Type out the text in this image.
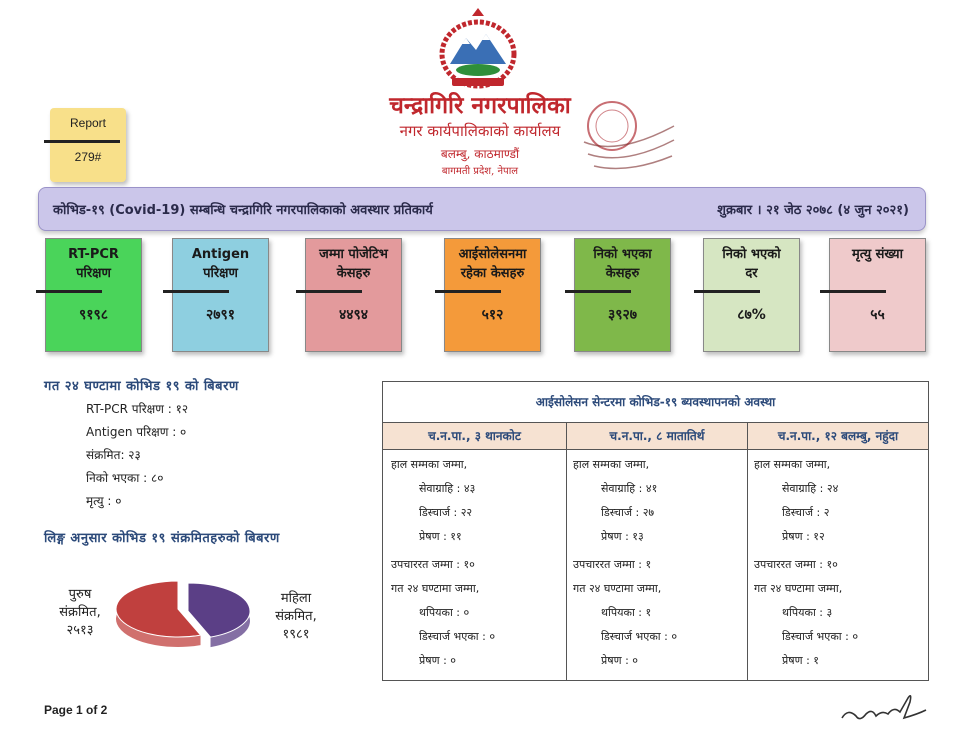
चन्द्रागिरि नगरपालिका
नगर कार्यपालिकाको कार्यालय
बलम्बु, काठमाण्डौं
बागमती प्रदेश, नेपाल
Report
279#
कोभिड-१९ (Covid-19) सम्बन्धि चन्द्रागिरि नगरपालिकाको अवस्थार प्रतिकार्य	शुक्रबार । २१ जेठ २०७८ (४ जुन २०२१)
RT-PCR
परिक्षण
९१९८
Antigen
परिक्षण
२७९१
जम्मा पोजेटिभ
केसहरु
४४९४
आईसोलेसनमा
रहेका केसहरु
५१२
निको भएका
केसहरु
३९२७
निको भएको
दर
८७%
मृत्यु संख्या
५५
गत २४ घण्टामा कोभिड १९ को बिबरण
RT-PCR परिक्षण : १२
Antigen परिक्षण : ०
संक्रमित: २३
निको भएका : ८०
मृत्यु : ०
लिङ्ग अनुसार कोभिड १९ संक्रमितहरुको बिबरण
पुरुष
संक्रमित,
२५१३
महिला
संक्रमित,
१९८१
आईसोलेसन सेन्टरमा कोभिड-१९ ब्यवस्थापनको अवस्था
च.न.पा., ३ थानकोट
हाल सम्मका जम्मा,
सेवाग्राहि : ४३
डिस्चार्ज : २२
प्रेषण : ११
उपचाररत जम्मा : १०
गत २४ घण्टामा जम्मा,
थपियका : ०
डिस्चार्ज भएका : ०
प्रेषण : ०
च.न.पा., ८ मातातिर्थ
हाल सम्मका जम्मा,
सेवाग्राहि : ४१
डिस्चार्ज : २७
प्रेषण : १३
उपचाररत जम्मा : १
गत २४ घण्टामा जम्मा,
थपियका : १
डिस्चार्ज भएका : ०
प्रेषण : ०
च.न.पा., १२ बलम्बु, नहुंदा
हाल सम्मका जम्मा,
सेवाग्राहि : २४
डिस्चार्ज : २
प्रेषण : १२
उपचाररत जम्मा : १०
गत २४ घण्टामा जम्मा,
थपियका : ३
डिस्चार्ज भएका : ०
प्रेषण : १
Page 1 of 2
